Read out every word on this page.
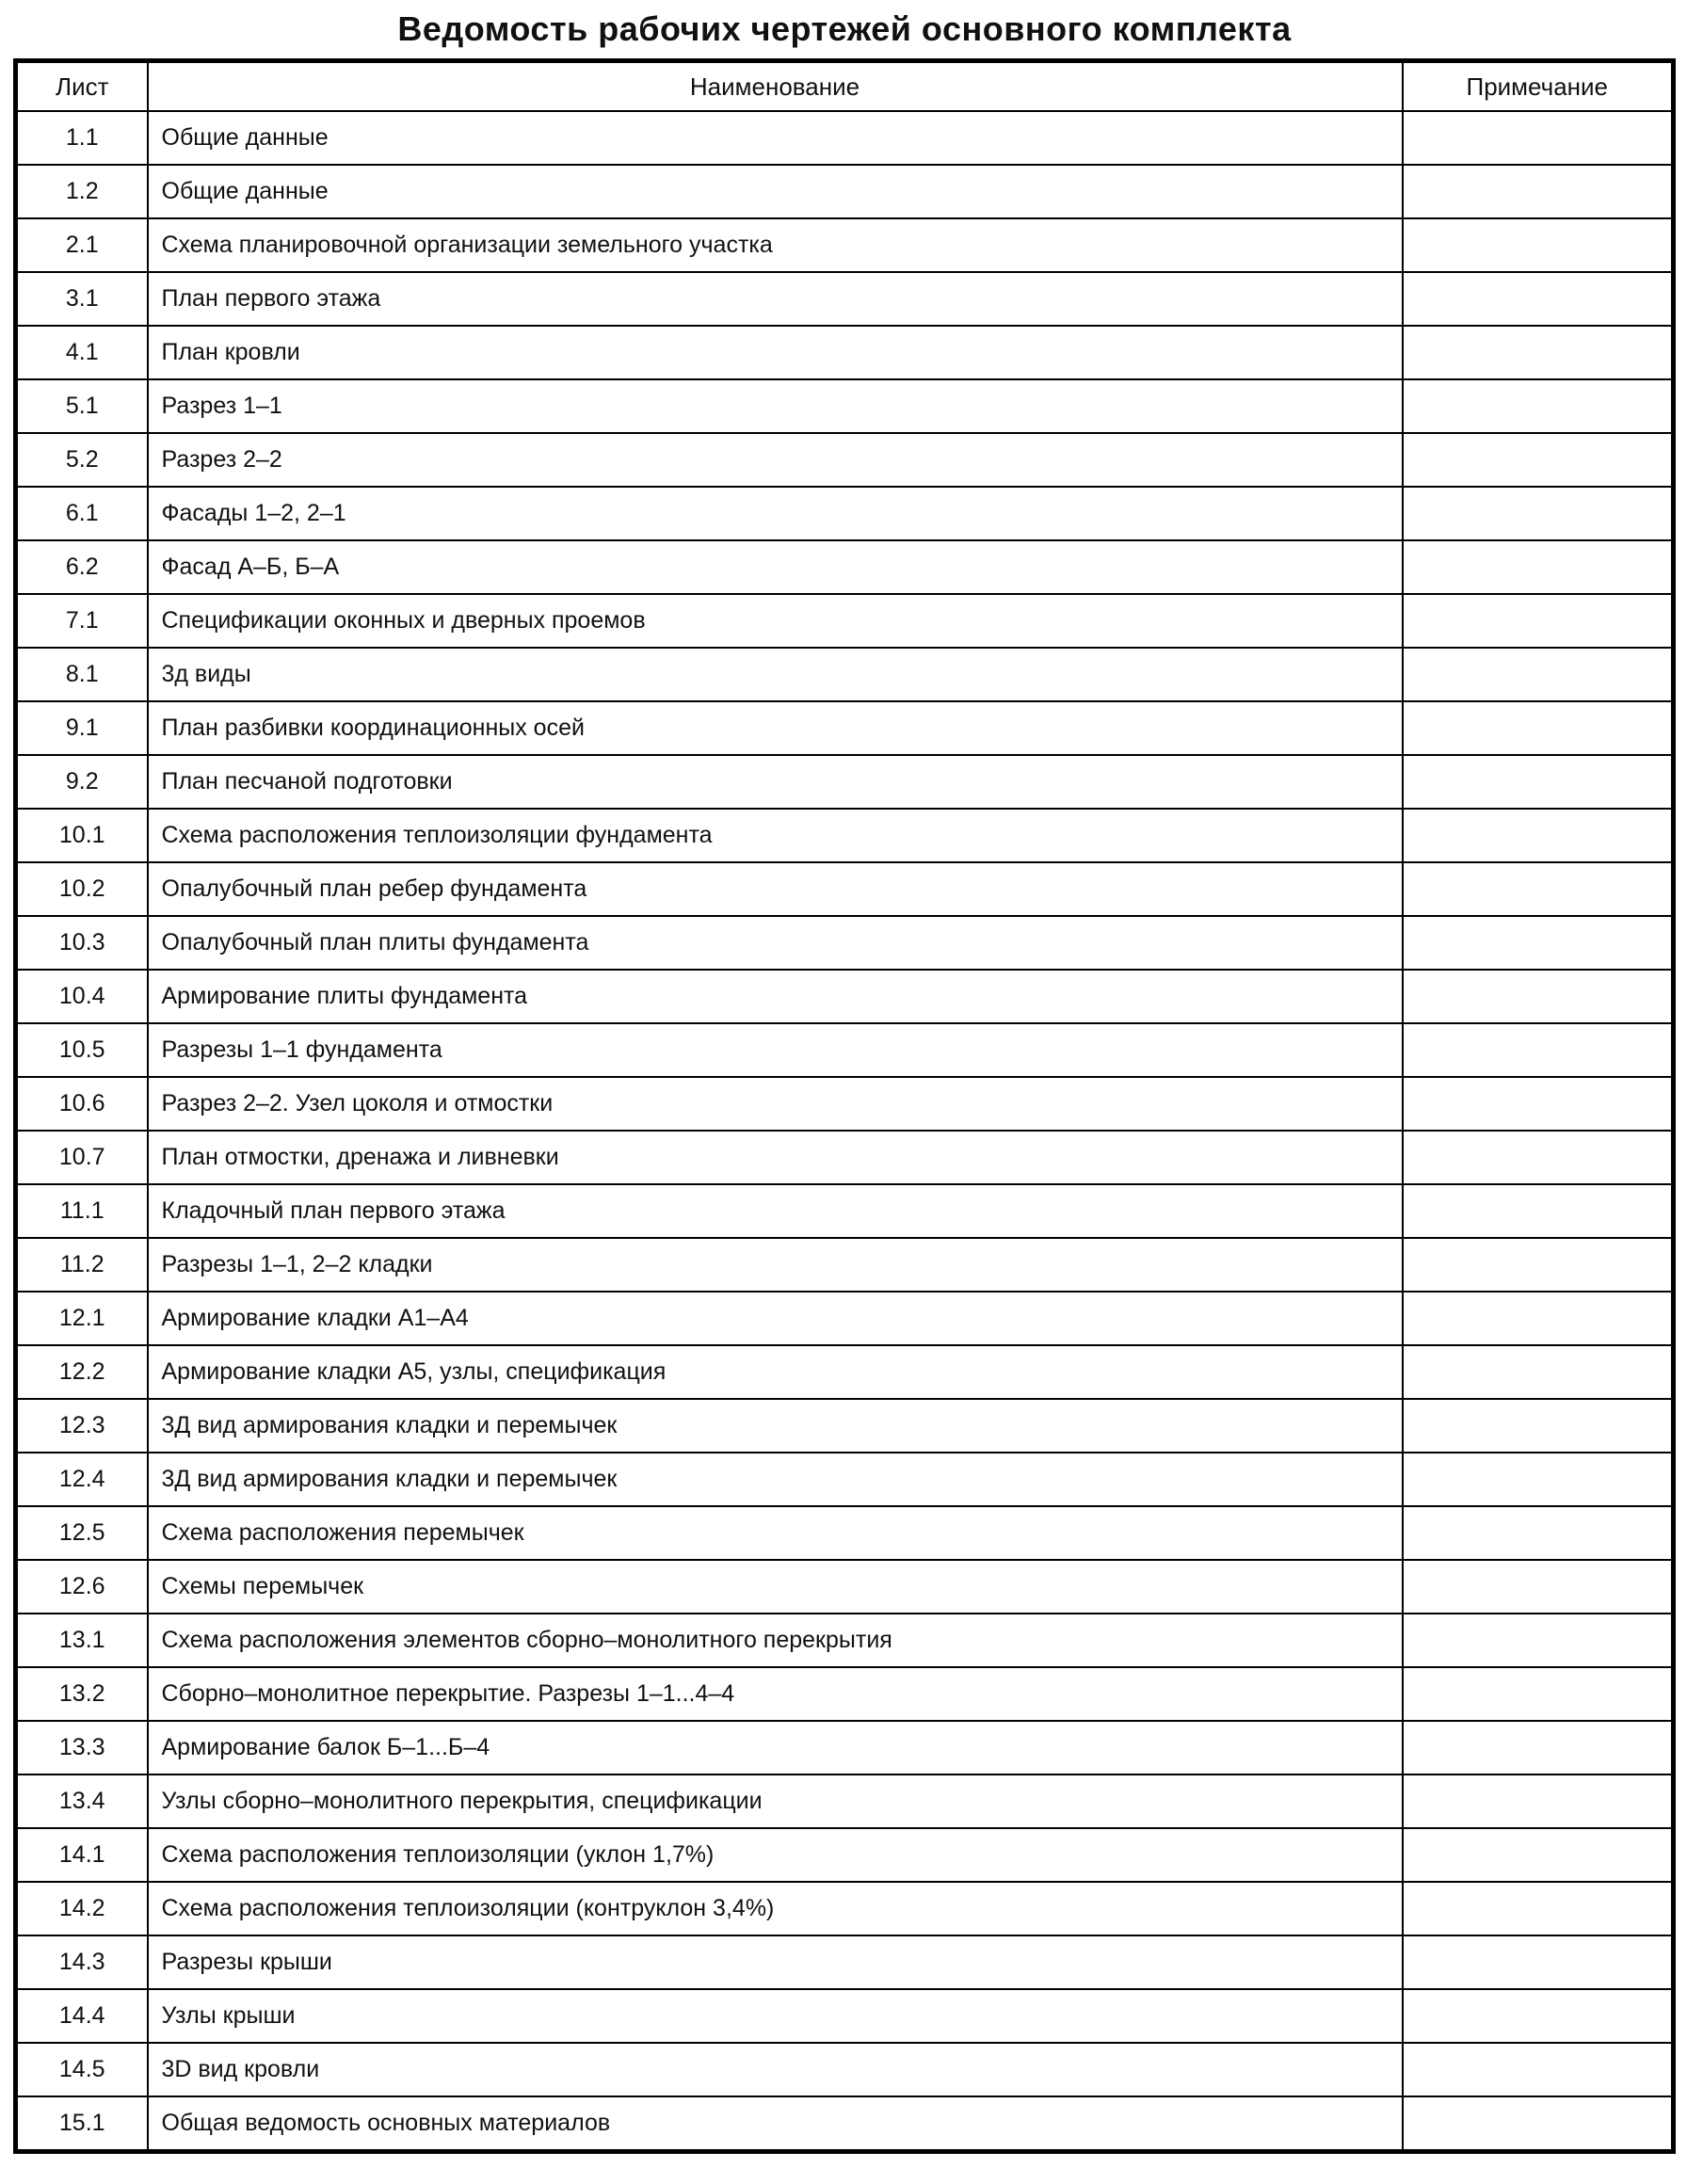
Ведомость рабочих чертежей основного комплекта
Лист	Наименование	Примечание
1.1	Общие данные	
1.2	Общие данные	
2.1	Схема планировочной организации земельного участка	
3.1	План первого этажа	
4.1	План кровли	
5.1	Разрез 1–1	
5.2	Разрез 2–2	
6.1	Фасады 1–2, 2–1	
6.2	Фасад А–Б, Б–А	
7.1	Спецификации оконных и дверных проемов	
8.1	3д виды	
9.1	План разбивки координационных осей	
9.2	План песчаной подготовки	
10.1	Схема расположения теплоизоляции фундамента	
10.2	Опалубочный план ребер фундамента	
10.3	Опалубочный план плиты фундамента	
10.4	Армирование плиты фундамента	
10.5	Разрезы 1–1 фундамента	
10.6	Разрез 2–2. Узел цоколя и отмостки	
10.7	План отмостки, дренажа и ливневки	
11.1	Кладочный план первого этажа	
11.2	Разрезы 1–1, 2–2 кладки	
12.1	Армирование кладки А1–А4	
12.2	Армирование кладки А5, узлы, спецификация	
12.3	3Д вид армирования кладки и перемычек	
12.4	3Д вид армирования кладки и перемычек	
12.5	Схема расположения перемычек	
12.6	Схемы перемычек	
13.1	Схема расположения элементов сборно–монолитного перекрытия	
13.2	Сборно–монолитное перекрытие. Разрезы 1–1...4–4	
13.3	Армирование балок Б–1...Б–4	
13.4	Узлы сборно–монолитного перекрытия, спецификации	
14.1	Схема расположения теплоизоляции (уклон 1,7%)	
14.2	Схема расположения теплоизоляции (контруклон 3,4%)	
14.3	Разрезы крыши	
14.4	Узлы крыши	
14.5	3D вид кровли	
15.1	Общая ведомость основных материалов	
